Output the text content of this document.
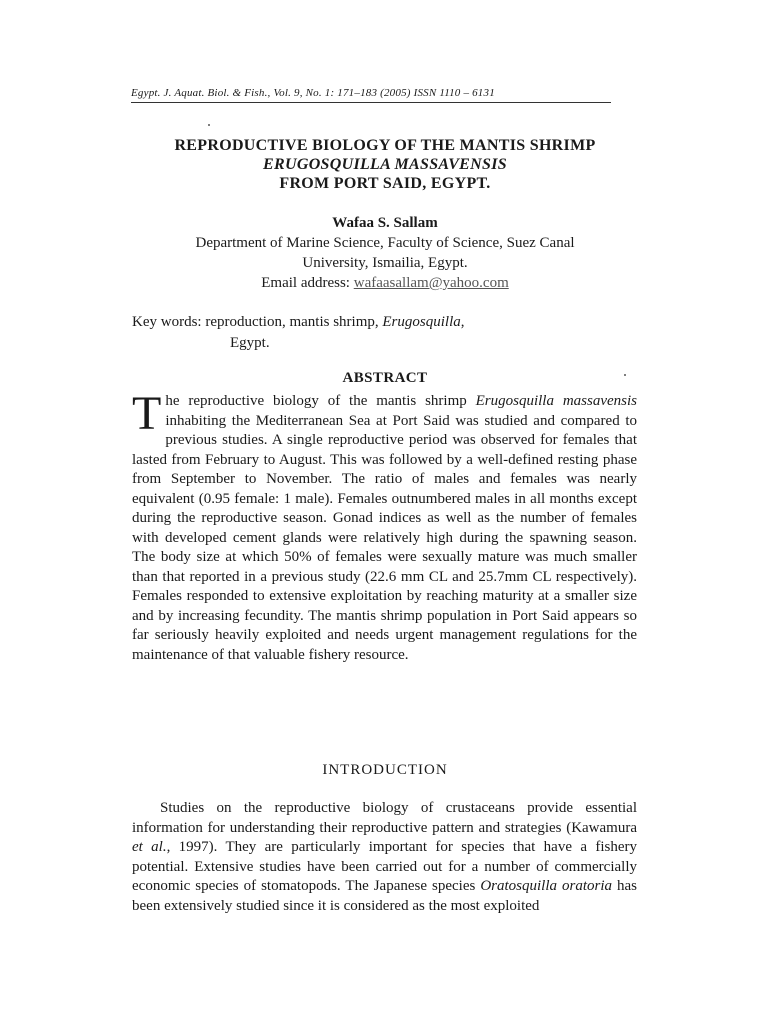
Egypt. J. Aquat. Biol. & Fish., Vol. 9, No. 1: 171–183 (2005) ISSN 1110 – 6131
REPRODUCTIVE BIOLOGY OF THE MANTIS SHRIMP
ERUGOSQUILLA MASSAVENSIS
FROM PORT SAID, EGYPT.
Wafaa S. Sallam
Department of Marine Science, Faculty of Science, Suez Canal
University, Ismailia, Egypt.
Email address: wafaasallam@yahoo.com
Key words: reproduction, mantis shrimp, Erugosquilla,
Egypt.
ABSTRACT
The reproductive biology of the mantis shrimp Erugosquilla massavensis inhabiting the Mediterranean Sea at Port Said was studied and compared to previous studies. A single reproductive period was observed for females that lasted from February to August. This was followed by a well-defined resting phase from September to November. The ratio of males and females was nearly equivalent (0.95 female: 1 male). Females outnumbered males in all months except during the reproductive season. Gonad indices as well as the number of females with developed cement glands were relatively high during the spawning season. The body size at which 50% of females were sexually mature was much smaller than that reported in a previous study (22.6 mm CL and 25.7mm CL respectively). Females responded to extensive exploitation by reaching maturity at a smaller size and by increasing fecundity. The mantis shrimp population in Port Said appears so far seriously heavily exploited and needs urgent management regulations for the maintenance of that valuable fishery resource.
INTRODUCTION
Studies on the reproductive biology of crustaceans provide essential information for understanding their reproductive pattern and strategies (Kawamura et al., 1997). They are particularly important for species that have a fishery potential. Extensive studies have been carried out for a number of commercially economic species of stomatopods. The Japanese species Oratosquilla oratoria has been extensively studied since it is considered as the most exploited
